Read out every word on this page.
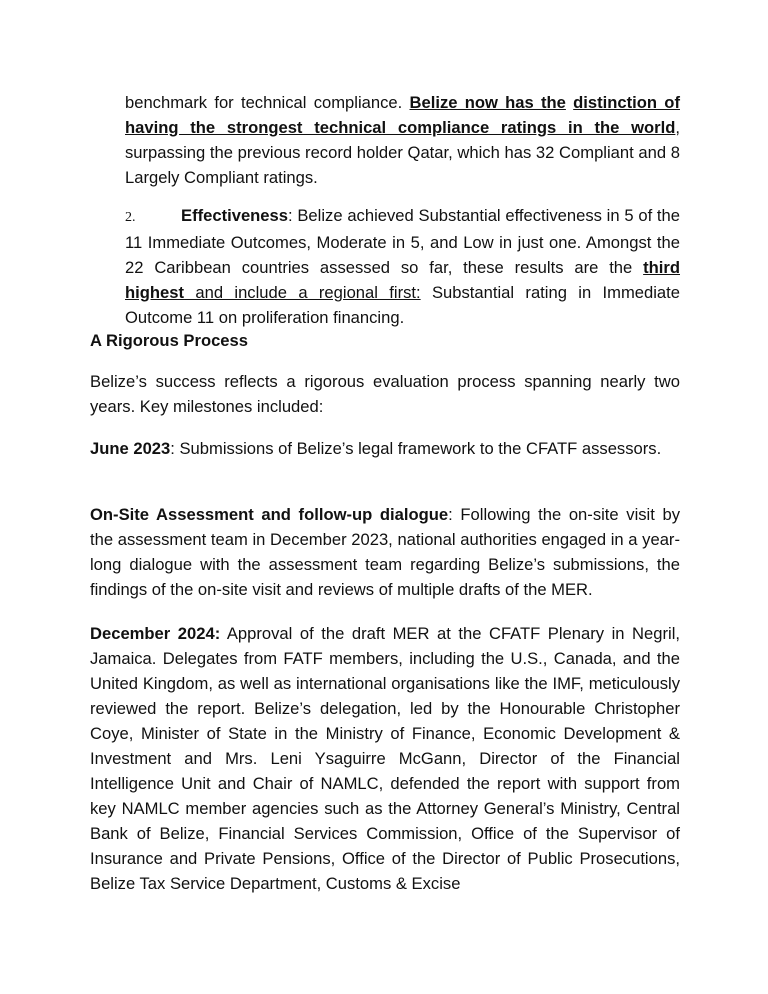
benchmark for technical compliance. Belize now has the distinction of having the strongest technical compliance ratings in the world, surpassing the previous record holder Qatar, which has 32 Compliant and 8 Largely Compliant ratings.

2.	Effectiveness: Belize achieved Substantial effectiveness in 5 of the 11 Immediate Outcomes, Moderate in 5, and Low in just one. Amongst the 22 Caribbean countries assessed so far, these results are the third highest and include a regional first: Substantial rating in Immediate Outcome 11 on proliferation financing.

A Rigorous Process

Belize’s success reflects a rigorous evaluation process spanning nearly two years. Key milestones included:

June 2023: Submissions of Belize’s legal framework to the CFATF assessors.

On-Site Assessment and follow-up dialogue: Following the on-site visit by the assessment team in December 2023, national authorities engaged in a year-long dialogue with the assessment team regarding Belize’s submissions, the findings of the on-site visit and reviews of multiple drafts of the MER.

December 2024: Approval of the draft MER at the CFATF Plenary in Negril, Jamaica. Delegates from FATF members, including the U.S., Canada, and the United Kingdom, as well as international organisations like the IMF, meticulously reviewed the report. Belize’s delegation, led by the Honourable Christopher Coye, Minister of State in the Ministry of Finance, Economic Development & Investment and Mrs. Leni Ysaguirre McGann, Director of the Financial Intelligence Unit and Chair of NAMLC, defended the report with support from key NAMLC member agencies such as the Attorney General’s Ministry, Central Bank of Belize, Financial Services Commission, Office of the Supervisor of Insurance and Private Pensions, Office of the Director of Public Prosecutions, Belize Tax Service Department, Customs & Excise
